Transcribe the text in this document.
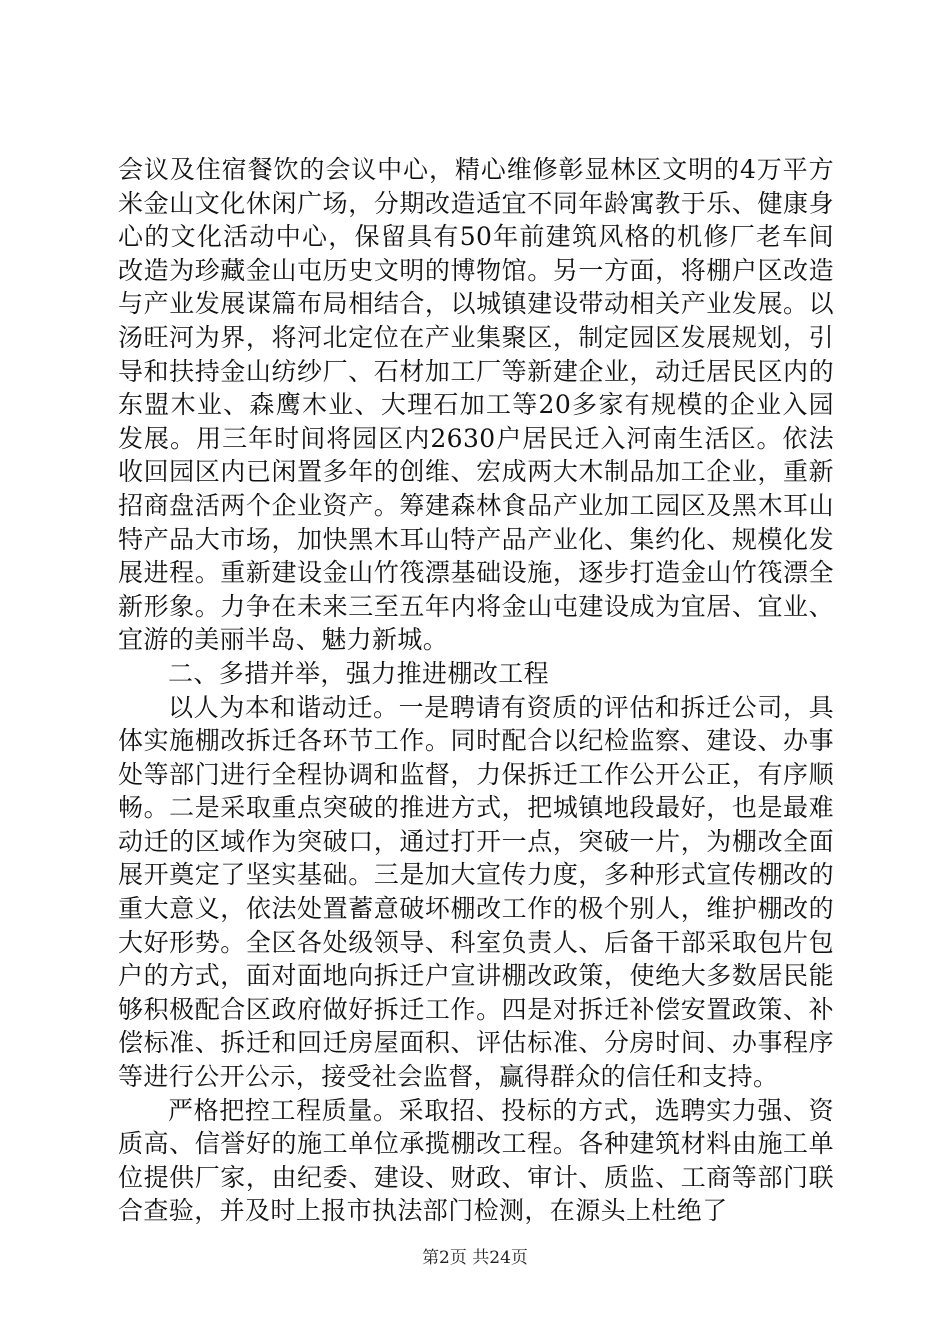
会议及住宿餐饮的会议中心，精心维修彰显林区文明的4万平方米金山文化休闲广场，分期改造适宜不同年龄寓教于乐、健康身心的文化活动中心，保留具有50年前建筑风格的机修厂老车间改造为珍藏金山屯历史文明的博物馆。另一方面，将棚户区改造与产业发展谋篇布局相结合，以城镇建设带动相关产业发展。以汤旺河为界，将河北定位在产业集聚区，制定园区发展规划，引导和扶持金山纺纱厂、石材加工厂等新建企业，动迁居民区内的东盟木业、森鹰木业、大理石加工等20多家有规模的企业入园发展。用三年时间将园区内2630户居民迁入河南生活区。依法收回园区内已闲置多年的创维、宏成两大木制品加工企业，重新招商盘活两个企业资产。筹建森林食品产业加工园区及黑木耳山特产品大市场，加快黑木耳山特产品产业化、集约化、规模化发展进程。重新建设金山竹筏漂基础设施，逐步打造金山竹筏漂全新形象。力争在未来三至五年内将金山屯建设成为宜居、宜业、宜游的美丽半岛、魅力新城。

二、多措并举，强力推进棚改工程

以人为本和谐动迁。一是聘请有资质的评估和拆迁公司，具体实施棚改拆迁各环节工作。同时配合以纪检监察、建设、办事处等部门进行全程协调和监督，力保拆迁工作公开公正，有序顺畅。二是采取重点突破的推进方式，把城镇地段最好，也是最难动迁的区域作为突破口，通过打开一点，突破一片，为棚改全面展开奠定了坚实基础。三是加大宣传力度，多种形式宣传棚改的重大意义，依法处置蓄意破坏棚改工作的极个别人，维护棚改的大好形势。全区各处级领导、科室负责人、后备干部采取包片包户的方式，面对面地向拆迁户宣讲棚改政策，使绝大多数居民能够积极配合区政府做好拆迁工作。四是对拆迁补偿安置政策、补偿标准、拆迁和回迁房屋面积、评估标准、分房时间、办事程序等进行公开公示，接受社会监督，赢得群众的信任和支持。

严格把控工程质量。采取招、投标的方式，选聘实力强、资质高、信誉好的施工单位承揽棚改工程。各种建筑材料由施工单位提供厂家，由纪委、建设、财政、审计、质监、工商等部门联合查验，并及时上报市执法部门检测，在源头上杜绝了

第2页 共24页
